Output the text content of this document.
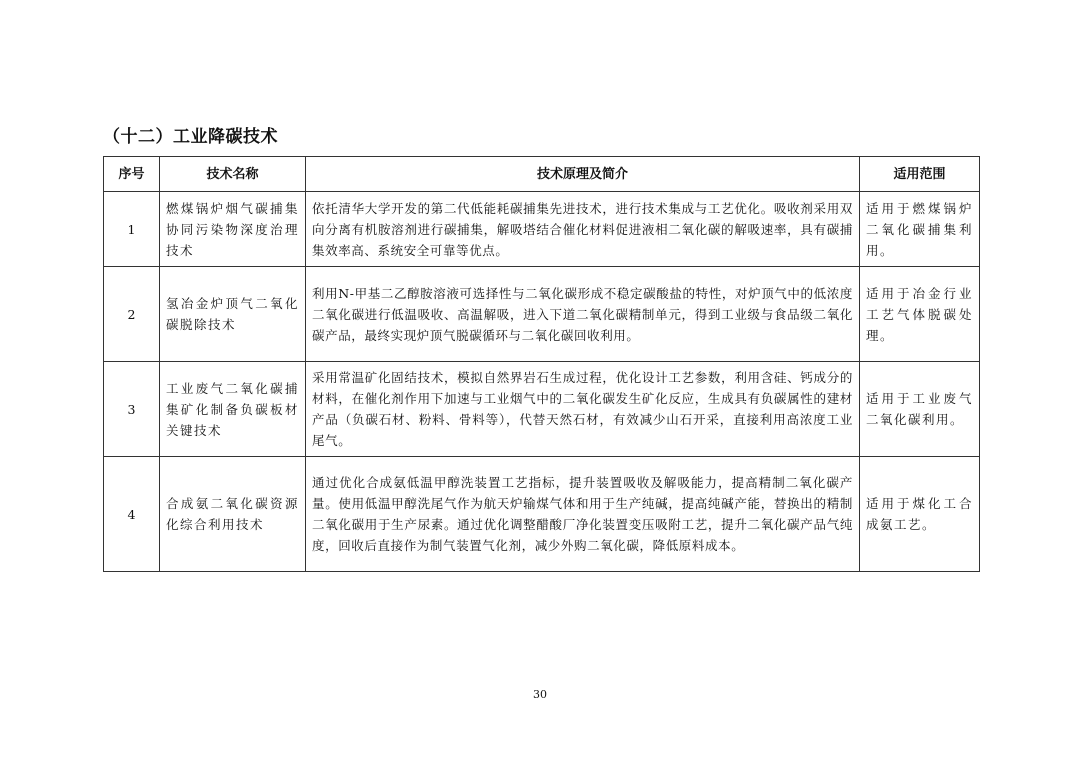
（十二）工业降碳技术
序号	技术名称	技术原理及简介	适用范围
1	燃煤锅炉烟气碳捕集协同污染物深度治理技术	依托清华大学开发的第二代低能耗碳捕集先进技术，进行技术集成与工艺优化。吸收剂采用双向分离有机胺溶剂进行碳捕集，解吸塔结合催化材料促进液相二氧化碳的解吸速率，具有碳捕集效率高、系统安全可靠等优点。	适用于燃煤锅炉二氧化碳捕集利用。
2	氢冶金炉顶气二氧化碳脱除技术	利用N-甲基二乙醇胺溶液可选择性与二氧化碳形成不稳定碳酸盐的特性，对炉顶气中的低浓度二氧化碳进行低温吸收、高温解吸，进入下道二氧化碳精制单元，得到工业级与食品级二氧化碳产品，最终实现炉顶气脱碳循环与二氧化碳回收利用。	适用于冶金行业工艺气体脱碳处理。
3	工业废气二氧化碳捕集矿化制备负碳板材关键技术	采用常温矿化固结技术，模拟自然界岩石生成过程，优化设计工艺参数，利用含硅、钙成分的材料，在催化剂作用下加速与工业烟气中的二氧化碳发生矿化反应，生成具有负碳属性的建材产品（负碳石材、粉料、骨料等），代替天然石材，有效减少山石开采，直接利用高浓度工业尾气。	适用于工业废气二氧化碳利用。
4	合成氨二氧化碳资源化综合利用技术	通过优化合成氨低温甲醇洗装置工艺指标，提升装置吸收及解吸能力，提高精制二氧化碳产量。使用低温甲醇洗尾气作为航天炉输煤气体和用于生产纯碱，提高纯碱产能，替换出的精制二氧化碳用于生产尿素。通过优化调整醋酸厂净化装置变压吸附工艺，提升二氧化碳产品气纯度，回收后直接作为制气装置气化剂，减少外购二氧化碳，降低原料成本。	适用于煤化工合成氨工艺。
30
